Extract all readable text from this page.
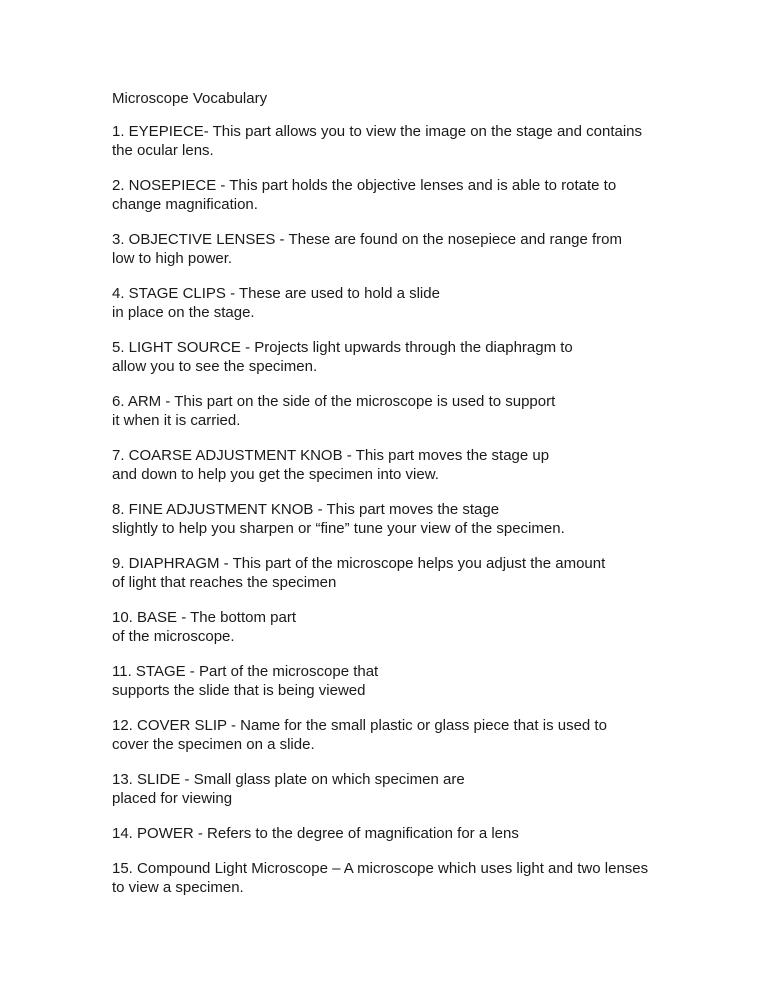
Microscope Vocabulary

1. EYEPIECE- This part allows you to view the image on the stage and contains
the ocular lens.

2. NOSEPIECE - This part holds the objective lenses and is able to rotate to
change magnification.

3. OBJECTIVE LENSES - These are found on the nosepiece and range from
low to high power.

4. STAGE CLIPS - These are used to hold a slide
in place on the stage.

5. LIGHT SOURCE - Projects light upwards through the diaphragm to
allow you to see the specimen.

6. ARM - This part on the side of the microscope is used to support
it when it is carried.

7. COARSE ADJUSTMENT KNOB - This part moves the stage up
and down to help you get the specimen into view.

8. FINE ADJUSTMENT KNOB - This part moves the stage
slightly to help you sharpen or “fine” tune your view of the specimen.

9. DIAPHRAGM - This part of the microscope helps you adjust the amount
of light that reaches the specimen

10. BASE - The bottom part
of the microscope.

11. STAGE - Part of the microscope that
supports the slide that is being viewed

12. COVER SLIP - Name for the small plastic or glass piece that is used to
cover the specimen on a slide.

13. SLIDE - Small glass plate on which specimen are
placed for viewing

14. POWER - Refers to the degree of magnification for a lens

15. Compound Light Microscope – A microscope which uses light and two lenses
to view a specimen.
